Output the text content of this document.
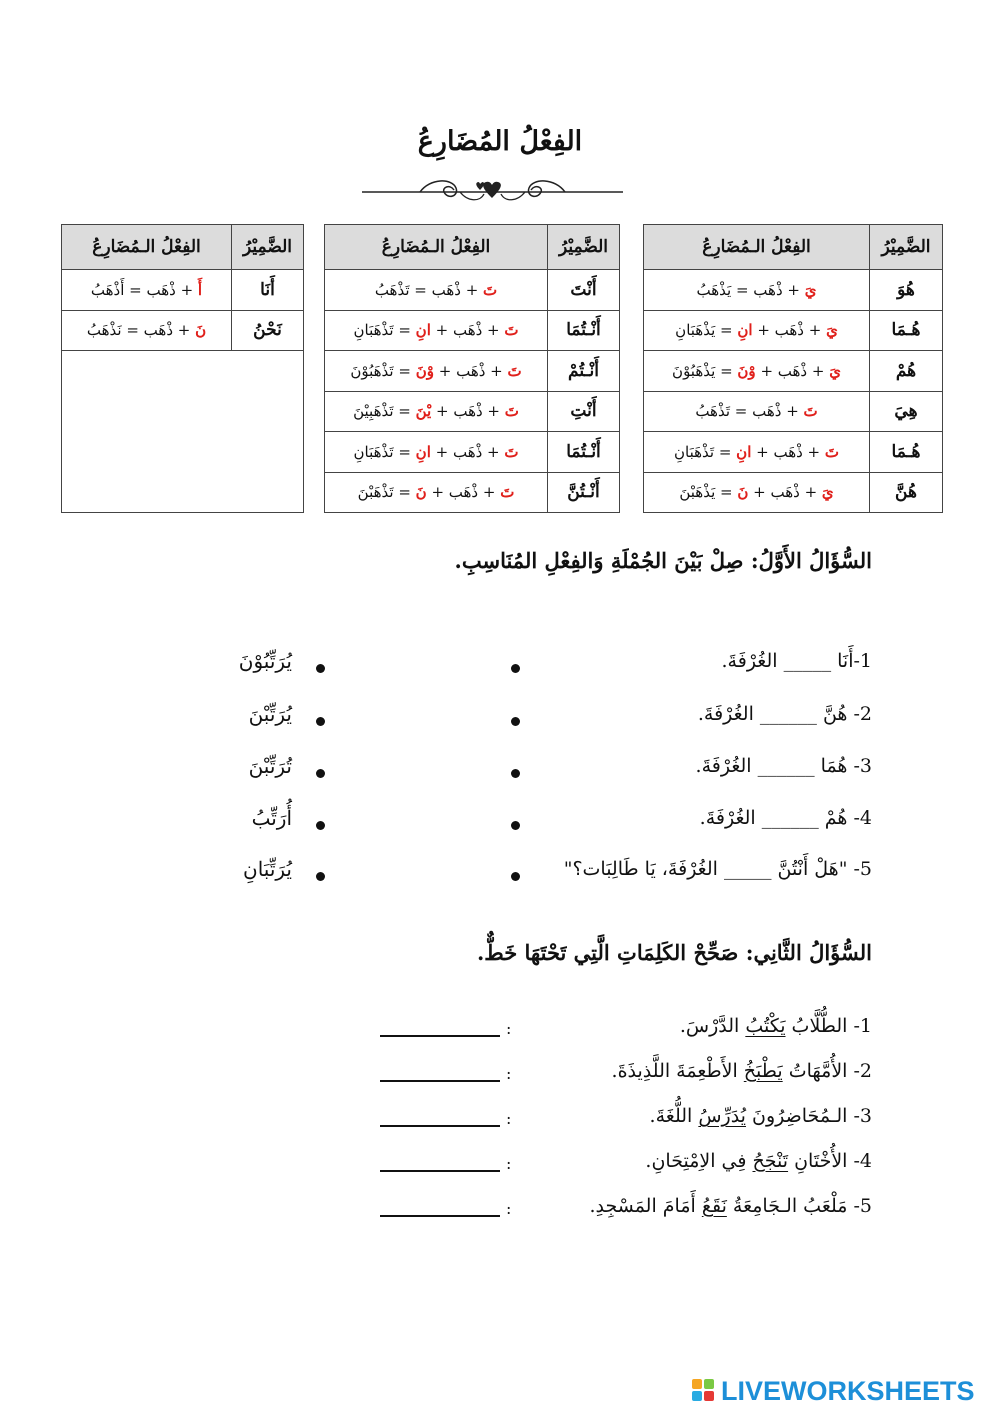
الفِعْلُ المُضَارِعُ
الضَّمِيْرُ	الفِعْلُ الـمُضَارِعُ
هُوَ	يَ + ذْهَب = يَذْهَبُ
هُـمَا	يَ + ذْهَب + انِ = يَذْهَبَانِ
هُمْ	يَ + ذْهَب + وْنَ = يَذْهَبُوْنَ
هِيَ	تَ + ذْهَب = تَذْهَبُ
هُـمَا	تَ + ذْهَب + انِ = تَذْهَبَانِ
هُنَّ	يَ + ذْهَب + نَ = يَذْهَبْنَ
الضَّمِيْرُ	الفِعْلُ الـمُضَارِعُ
أَنْتَ	تَ + ذْهَب = تَذْهَبُ
أَنْـتُمَا	تَ + ذْهَب + انِ = تَذْهَبَانِ
أَنْـتُمْ	تَ + ذْهَب + وْنَ = تَذْهَبُوْنَ
أَنْتِ	تَ + ذْهَب + يْنَ = تَذْهَبِيْنَ
أَنْـتُمَا	تَ + ذْهَب + انِ = تَذْهَبَانِ
أَنْـتُنَّ	تَ + ذْهَب + نَ = تَذْهَبْنَ
الضَّمِيْرُ	الفِعْلُ الـمُضَارِعُ
أَنَا	أَ + ذْهَب = أَذْهَبُ
نَحْنُ	نَ + ذْهَب = نَذْهَبُ

السُّؤَالُ الأَوَّلُ: صِلْ بَيْنَ الجُمْلَةِ وَالفِعْلِ المُنَاسِبِ.
1-أَنَا _____ الغُرْفَةَ.
يُرَتِّبُوْنَ
2- هُنَّ ______ الغُرْفَةَ.
يُرَتِّبْنَ
3- هُمَا ______ الغُرْفَةَ.
تُرَتِّبْنَ
4- هُمْ ______ الغُرْفَةَ.
أُرَتِّبُ
5- "هَلْ أَنْتُنَّ _____ الغُرْفَةَ، يَا طَالِبَات؟"
يُرَتِّبَانِ
السُّؤَالُ الثَّانِي: صَحِّحْ الكَلِمَاتِ الَّتِي تَحْتَهَا خَطٌّ.
1- الطُّلَّابُ يَكْتُبُ الدَّرْسَ.
:
2- الأُمَّهَاتُ يَطْبَخُ الأَطْعِمَةَ اللَّذِيذَةَ.
:
3- الـمُحَاضِرُونَ يُدَرِّسُ اللُّغَةَ.
:
4- الأُخْتَانِ تَنْجَحُ فِي الاِمْتِحَانِ.
:
5- مَلْعَبُ الـجَامِعَةُ نَقَعُ أَمَامَ المَسْجِدِ.
:
LIVEWORKSHEETS
